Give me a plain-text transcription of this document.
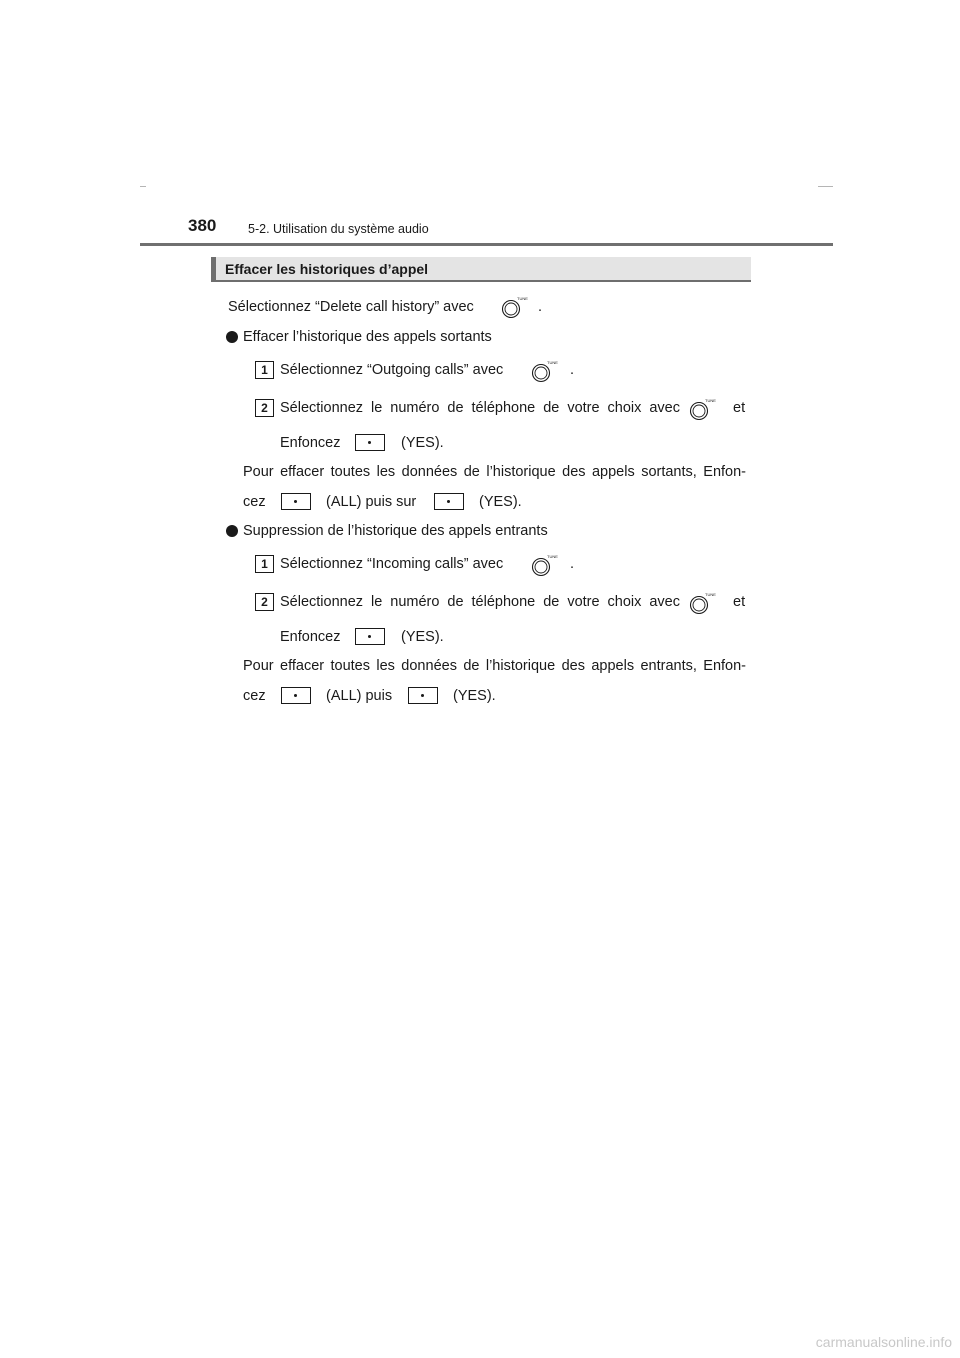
380	5-2. Utilisation du système audio
Effacer les historiques d’appel
Sélectionnez “Delete call history” avec
TUNE
.
Effacer l’historique des appels sortants
1 Sélectionnez “Outgoing calls” avec	TUNE .
2 Sélectionnez le numéro de téléphone de votre choix avec	TUNE et
Enfoncez	(YES).
Pour effacer toutes les données de l’historique des appels sortants, Enfon-
cez	(ALL) puis sur	(YES).
Suppression de l’historique des appels entrants
1 Sélectionnez “Incoming calls” avec	TUNE .
2 Sélectionnez le numéro de téléphone de votre choix avec	TUNE et
Enfoncez	(YES).
Pour effacer toutes les données de l’historique des appels entrants, Enfon-
cez	(ALL) puis	(YES).
carmanualsonline.info
